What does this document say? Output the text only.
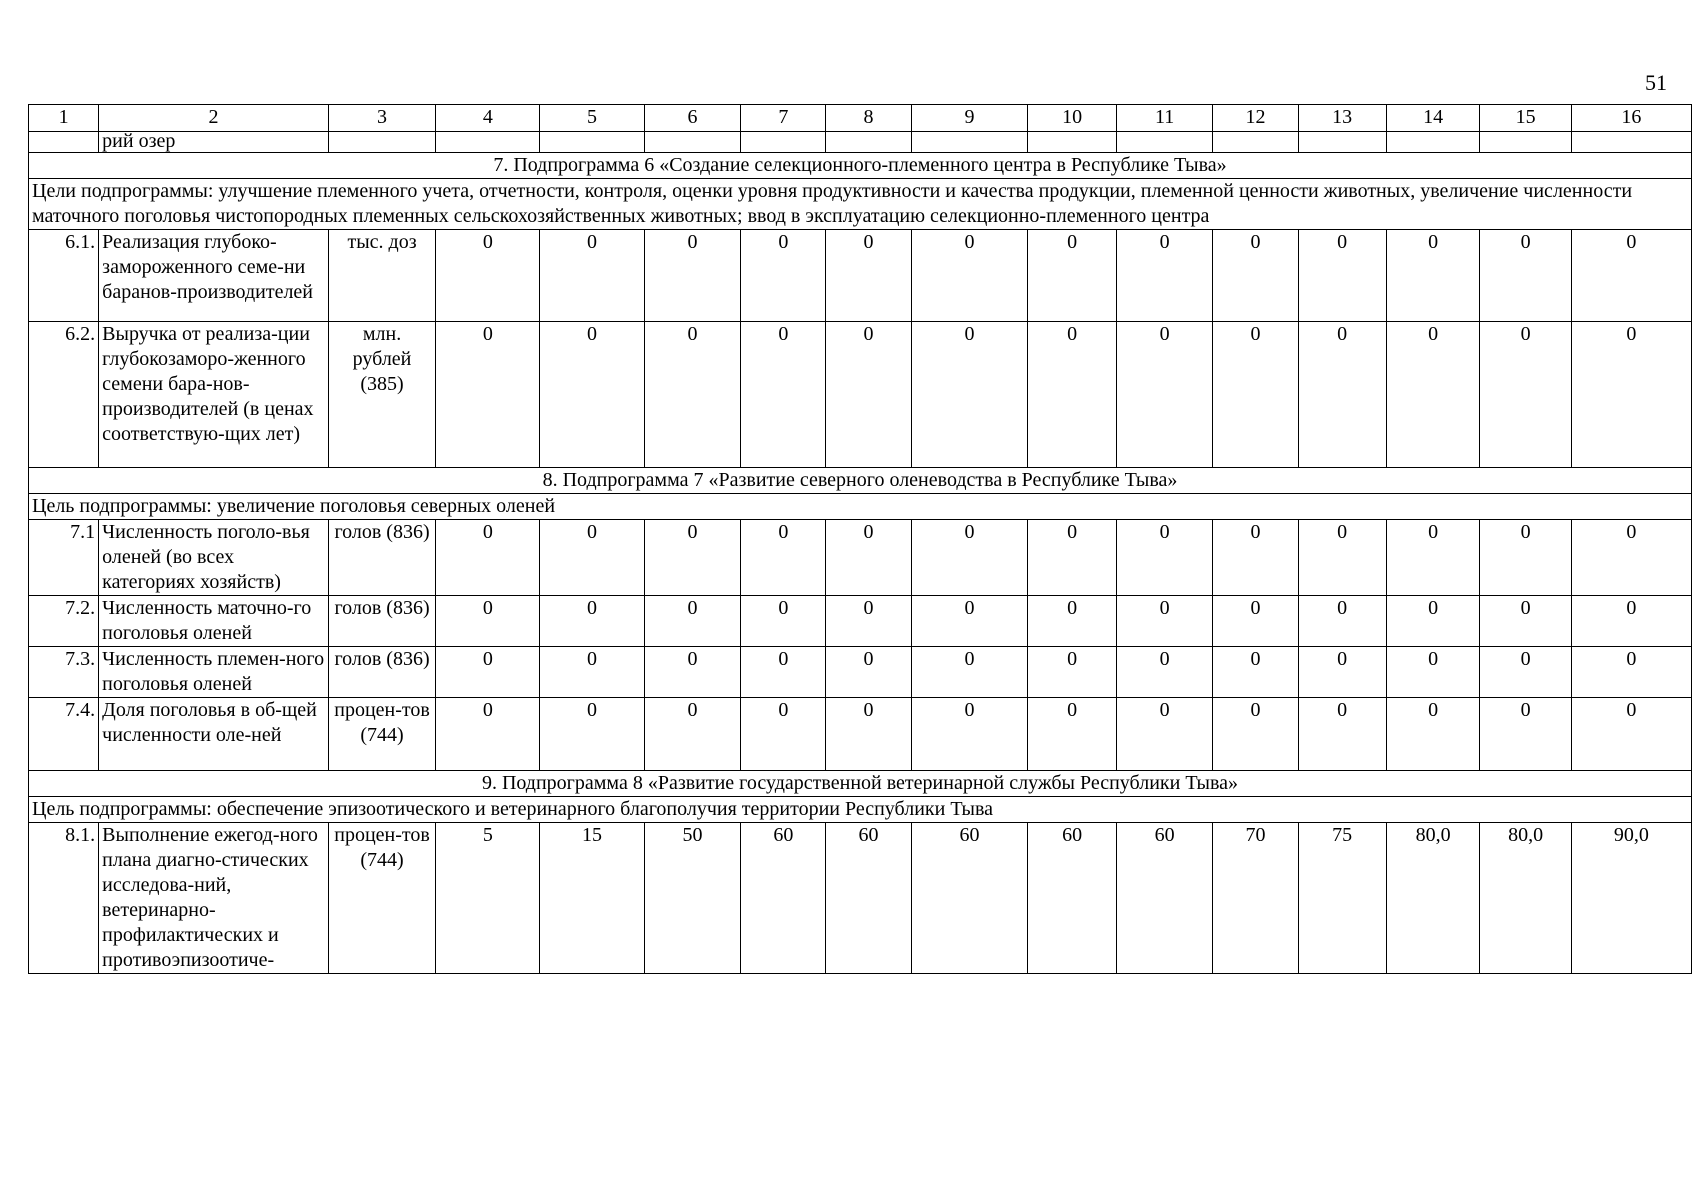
51
1	2	3	4	5	6	7	8	9	10	11	12	13	14	15	16
	рий озер														
7. Подпрограмма 6 «Создание селекционного-племенного центра в Республике Тыва»															
Цели подпрограммы: улучшение племенного учета, отчетности, контроля, оценки уровня продуктивности и качества продукции, племенной ценности животных, увеличение численности маточного поголовья чистопородных племенных сельскохозяйственных животных; ввод в эксплуатацию селекционно-племенного центра															
6.1.	Реализация глубоко-замороженного семе-ни баранов-производителей	тыс. доз	0	0	0	0	0	0	0	0	0	0	0	0	0
6.2.	Выручка от реализа-ции глубокозаморо-женного семени бара-нов-производителей (в ценах соответствую-щих лет)	млн. рублей (385)	0	0	0	0	0	0	0	0	0	0	0	0	0
8. Подпрограмма 7 «Развитие северного оленеводства в Республике Тыва»															
Цель подпрограммы: увеличение поголовья северных оленей															
7.1	Численность поголо-вья оленей (во всех категориях хозяйств)	голов (836)	0	0	0	0	0	0	0	0	0	0	0	0	0
7.2.	Численность маточно-го поголовья оленей	голов (836)	0	0	0	0	0	0	0	0	0	0	0	0	0
7.3.	Численность племен-ного поголовья оленей	голов (836)	0	0	0	0	0	0	0	0	0	0	0	0	0
7.4.	Доля поголовья в об-щей численности оле-ней	процен-тов (744)	0	0	0	0	0	0	0	0	0	0	0	0	0
9. Подпрограмма 8 «Развитие государственной ветеринарной службы Республики Тыва»															
Цель подпрограммы: обеспечение эпизоотического и ветеринарного благополучия территории Республики Тыва															
8.1.	Выполнение ежегод-ного плана диагно-стических исследова-ний, ветеринарно-профилактических и противоэпизоотиче-	процен-тов (744)	5	15	50	60	60	60	60	60	70	75	80,0	80,0	90,0
